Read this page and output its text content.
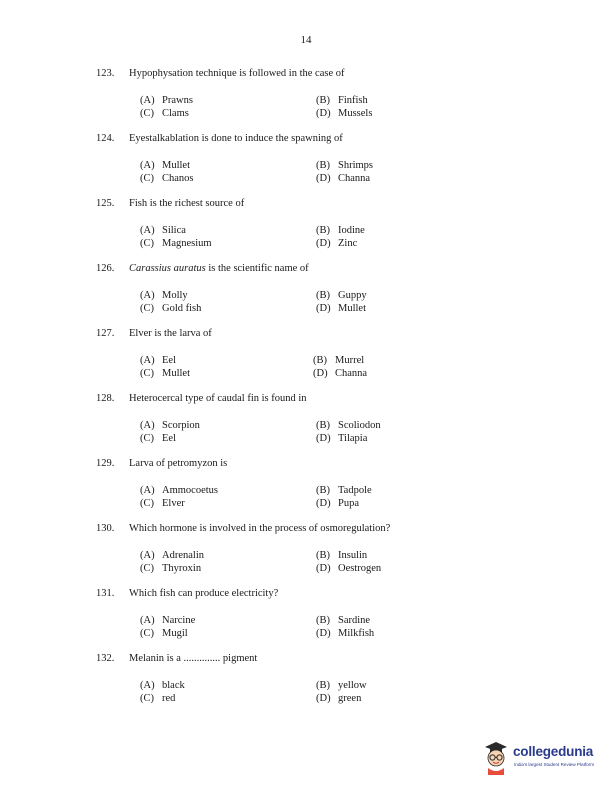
14
123. Hypophysation technique is followed in the case of
(A) Prawns	(B) Finfish
(C) Clams	(D) Mussels
124. Eyestalkablation is done to induce the spawning of
(A) Mullet	(B) Shrimps
(C) Chanos	(D) Channa
125. Fish is the richest source of
(A) Silica	(B) Iodine
(C) Magnesium	(D) Zinc
126. Carassius auratus is the scientific name of
(A) Molly	(B) Guppy
(C) Gold fish	(D) Mullet
127. Elver is the larva of
(A) Eel	(B) Murrel
(C) Mullet	(D) Channa
128. Heterocercal type of caudal fin is found in
(A) Scorpion	(B) Scoliodon
(C) Eel	(D) Tilapia
129. Larva of petromyzon is
(A) Ammocoetus	(B) Tadpole
(C) Elver	(D) Pupa
130. Which hormone is involved in the process of osmoregulation?
(A) Adrenalin	(B) Insulin
(C) Thyroxin	(D) Oestrogen
131. Which fish can produce electricity?
(A) Narcine	(B) Sardine
(C) Mugil	(D) Milkfish
132. Melanin is a .............. pigment
(A) black	(B) yellow
(C) red	(D) green
collegedunia
India's largest Student Review Platform
